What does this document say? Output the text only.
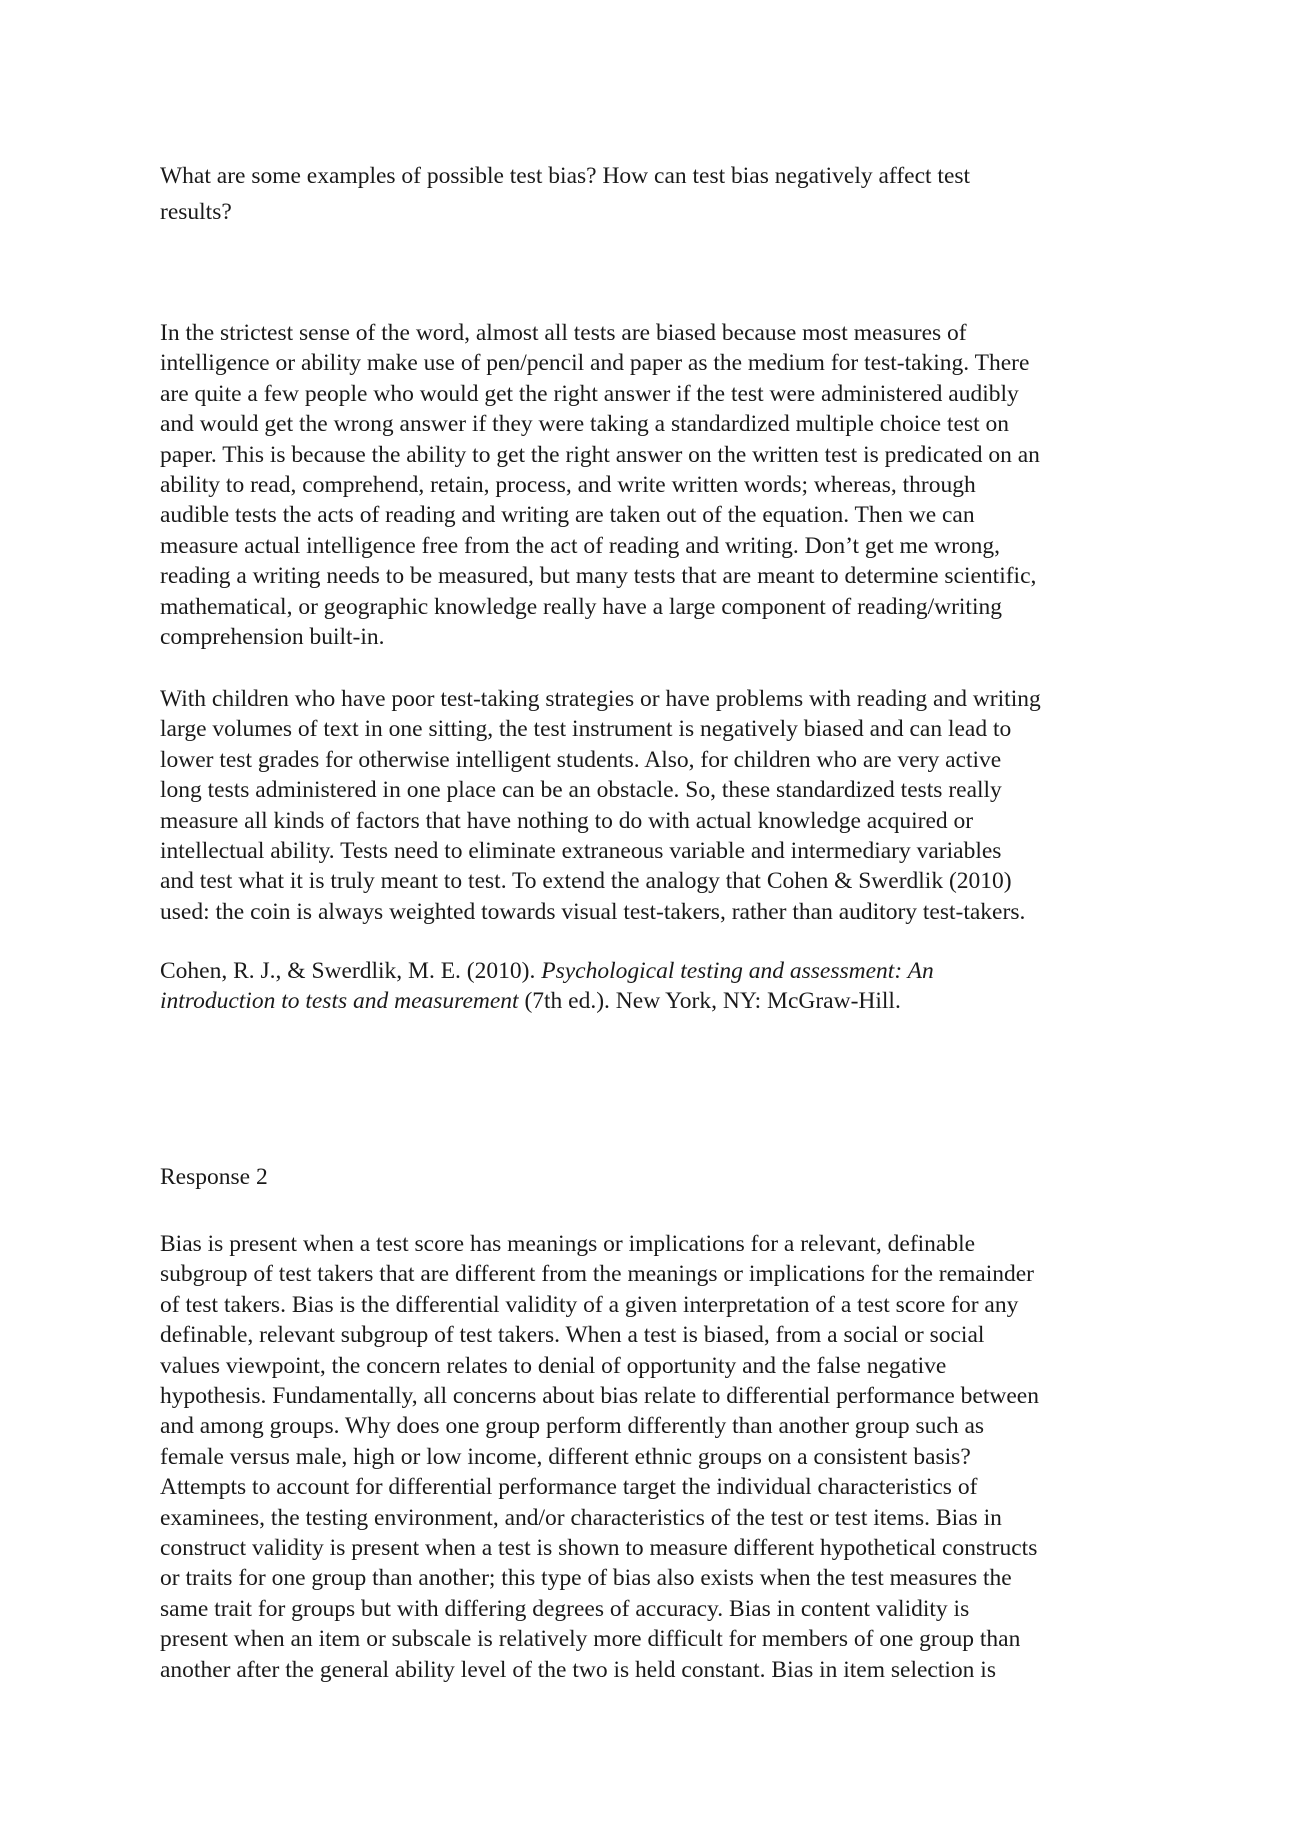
What are some examples of possible test bias? How can test bias negatively affect test
results?
In the strictest sense of the word, almost all tests are biased because most measures of
intelligence or ability make use of pen/pencil and paper as the medium for test-taking. There
are quite a few people who would get the right answer if the test were administered audibly
and would get the wrong answer if they were taking a standardized multiple choice test on
paper. This is because the ability to get the right answer on the written test is predicated on an
ability to read, comprehend, retain, process, and write written words; whereas, through
audible tests the acts of reading and writing are taken out of the equation. Then we can
measure actual intelligence free from the act of reading and writing. Don’t get me wrong,
reading a writing needs to be measured, but many tests that are meant to determine scientific,
mathematical, or geographic knowledge really have a large component of reading/writing
comprehension built-in.
With children who have poor test-taking strategies or have problems with reading and writing
large volumes of text in one sitting, the test instrument is negatively biased and can lead to
lower test grades for otherwise intelligent students. Also, for children who are very active
long tests administered in one place can be an obstacle. So, these standardized tests really
measure all kinds of factors that have nothing to do with actual knowledge acquired or
intellectual ability. Tests need to eliminate extraneous variable and intermediary variables
and test what it is truly meant to test. To extend the analogy that Cohen & Swerdlik (2010)
used: the coin is always weighted towards visual test-takers, rather than auditory test-takers.
Cohen, R. J., & Swerdlik, M. E. (2010). Psychological testing and assessment: An
introduction to tests and measurement (7th ed.). New York, NY: McGraw-Hill.
Response 2
Bias is present when a test score has meanings or implications for a relevant, definable
subgroup of test takers that are different from the meanings or implications for the remainder
of test takers. Bias is the differential validity of a given interpretation of a test score for any
definable, relevant subgroup of test takers. When a test is biased, from a social or social
values viewpoint, the concern relates to denial of opportunity and the false negative
hypothesis. Fundamentally, all concerns about bias relate to differential performance between
and among groups. Why does one group perform differently than another group such as
female versus male, high or low income, different ethnic groups on a consistent basis?
Attempts to account for differential performance target the individual characteristics of
examinees, the testing environment, and/or characteristics of the test or test items. Bias in
construct validity is present when a test is shown to measure different hypothetical constructs
or traits for one group than another; this type of bias also exists when the test measures the
same trait for groups but with differing degrees of accuracy. Bias in content validity is
present when an item or subscale is relatively more difficult for members of one group than
another after the general ability level of the two is held constant. Bias in item selection is
